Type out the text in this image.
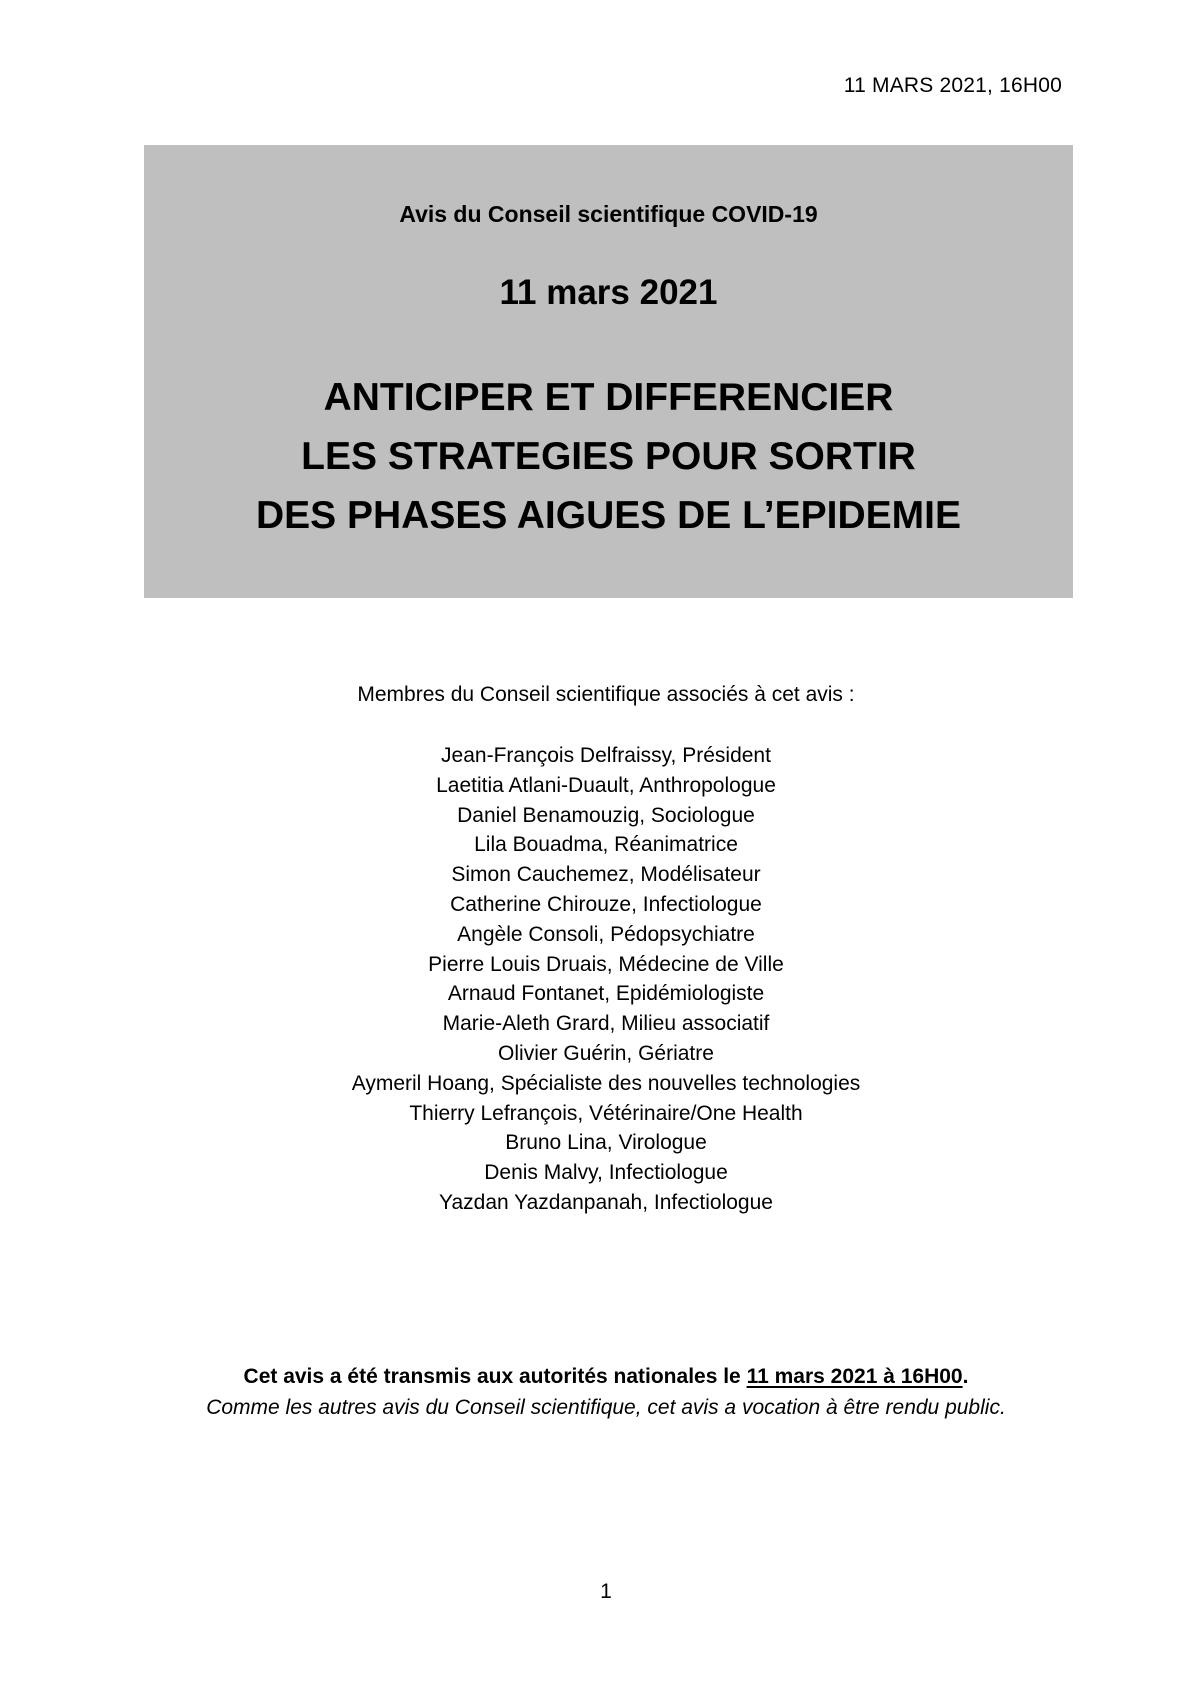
11 MARS 2021, 16H00
Avis du Conseil scientifique COVID-19
11 mars 2021
ANTICIPER ET DIFFERENCIER
LES STRATEGIES POUR SORTIR
DES PHASES AIGUES DE L’EPIDEMIE
Membres du Conseil scientifique associés à cet avis :
Jean-François Delfraissy, Président
Laetitia Atlani-Duault, Anthropologue
Daniel Benamouzig, Sociologue
Lila Bouadma, Réanimatrice
Simon Cauchemez, Modélisateur
Catherine Chirouze, Infectiologue
Angèle Consoli, Pédopsychiatre
Pierre Louis Druais, Médecine de Ville
Arnaud Fontanet, Epidémiologiste
Marie-Aleth Grard, Milieu associatif
Olivier Guérin, Gériatre
Aymeril Hoang, Spécialiste des nouvelles technologies
Thierry Lefrançois, Vétérinaire/One Health
Bruno Lina, Virologue
Denis Malvy, Infectiologue
Yazdan Yazdanpanah, Infectiologue
Cet avis a été transmis aux autorités nationales le 11 mars 2021 à 16H00.
Comme les autres avis du Conseil scientifique, cet avis a vocation à être rendu public.
1
